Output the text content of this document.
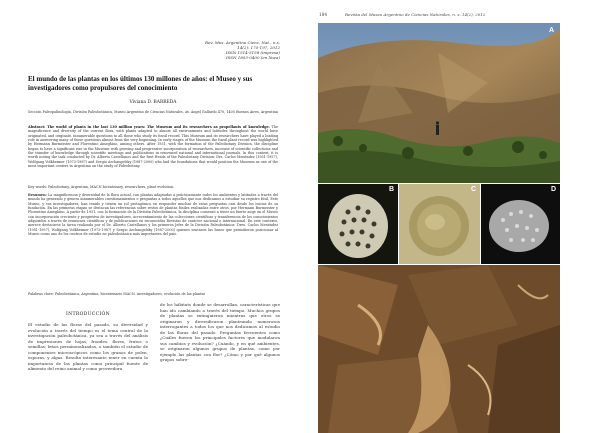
Rev. Mus. Argentino Cienc. Nat., n.s.
14(2): 175-197, 2012
ISSN 1514-5158 (impresa)
ISSN 1853-0400 (en línea)
El mundo de las plantas en los últimos 130 millones de años: el Museo y sus investigadores como propulsores del conocimiento
Viviana D. BARREDA
Sección Paleopalinología, División Paleobotánica, Museo Argentino de Ciencias Naturales, Av. Ángel Gallardo 470, 1405 Buenos Aires, Argentina
Abstract: The world of plants in the last 130 million years: The Museum and its researchers as propellants of knowledge. The magnificence and diversity of the current flora, with plants adapted to almost all environments and latitudes throughout the world have originated, and originate, innumerable questions to all those who study its fossil record. This Museum and its researchers have played a leading role in answering many of these questions almost from the very beginning. In early stages of the Museum the fossil plant record was highlighted by Hermann Burmeister and Florentino Ameghino, among others. After 1931, with the formation of the Paleobotany Division, the discipline began to have a significant rise in the Museum with growing and progressive incorporation of researchers, increase of scientific collections and the transfer of knowledge through scientific meetings and publications in renowned national and international journals. In this context, it is worth noting the task conducted by Dr. Alberto Castellanos and the first Heads of the Paleobotany Division: Drs. Carlos Menéndez (1951-1957), Wolfgang Volkheimer (1973-1987) and Sergio Archangelsky (1987-2000) who laid the foundations that would position the Museum as one of the most important centers in Argentina on the study of Paleobotany.
Key words: Paleobotany, Argentina, MACN bicentenary, researchers, plant evolution.
Resumen: La magnificencia y diversidad de la flora actual, con plantas adaptadas a prácticamente todos los ambientes y latitudes a través del mundo ha generado y genera innumerables cuestionamientos e preguntas a todos aquellos que nos dedicamos a estudiar su registro fósil. Este Museo, y sus investigadores, han tenido y tienen un rol protagónico en responder muchas de estas preguntas casi desde los inicios de su fundación. En las primeras etapas se destacan las referencias sobre restos de plantas fósiles realizadas entre otros, por Hermann Burmeister y Florentino Ameghino. A partir de 1931, con la formación de la División Paleobotánica, la disciplina comenzó a tener un fuerte auge en el Museo con incorporación creciente y progresiva de investigadores, acrecentamiento de las colecciones científicas y transferencia de los conocimientos adquiridos a través de reuniones científicas y de publicaciones en reconocidas Revistas de carácter nacional e internacional. En este contexto, merece destacarse la tarea realizada por el Dr. Alberto Castellanos y los primeros Jefes de la División Paleobotánica: Dres. Carlos Menéndez (1951-1957), Wolfgang Volkheimer (1973-1987) y Sergio Archangelsky (1987-2000) quienes sentaron las bases que permitieron posicionar al Museo como uno de los centros de estudio en paleobotánica más importantes del país.
Palabras clave: Paleobotánica, Argentina, bicentenario MACN, investigadores, evolución de las plantas
INTRODUCCIÓN
El estudio de las floras del pasado, su diversidad y evolución a través del tiempo es el tema central de la investigación paleobotánica, ya sea a través del análisis de impresiones de hojas, frondes, flores, frutos o semillas; leños permineralizados, o también el estudio de componentes microscópicos como los granos de polen, esporas, y algas. Resulta interesante tener en cuenta la importancia de las plantas como principal fuente de alimento del reino animal y como proveedora
de los hábitats donde se desarrollan, características que han ido cambiando a través del tiempo. Muchos grupos de plantas se extinguieron mientras que otros se originaron y diversificaron planteando numerosos interrogantes a todos los que nos dedicamos al estudio de las floras del pasado. Preguntas frecuentes como ¿Cuáles fueron los principales factores que modularon sus cambios y evolución? ¿Cuándo, y en qué ambientes, se originaron algunos grupos de plantas, como por ejemplo las plantas con flor? ¿Cómo y por qué algunos grupos sobre-
184	Revista del Museo Argentino de Ciencias Naturales, n. s. 14(2), 2012
A
B	C	D
